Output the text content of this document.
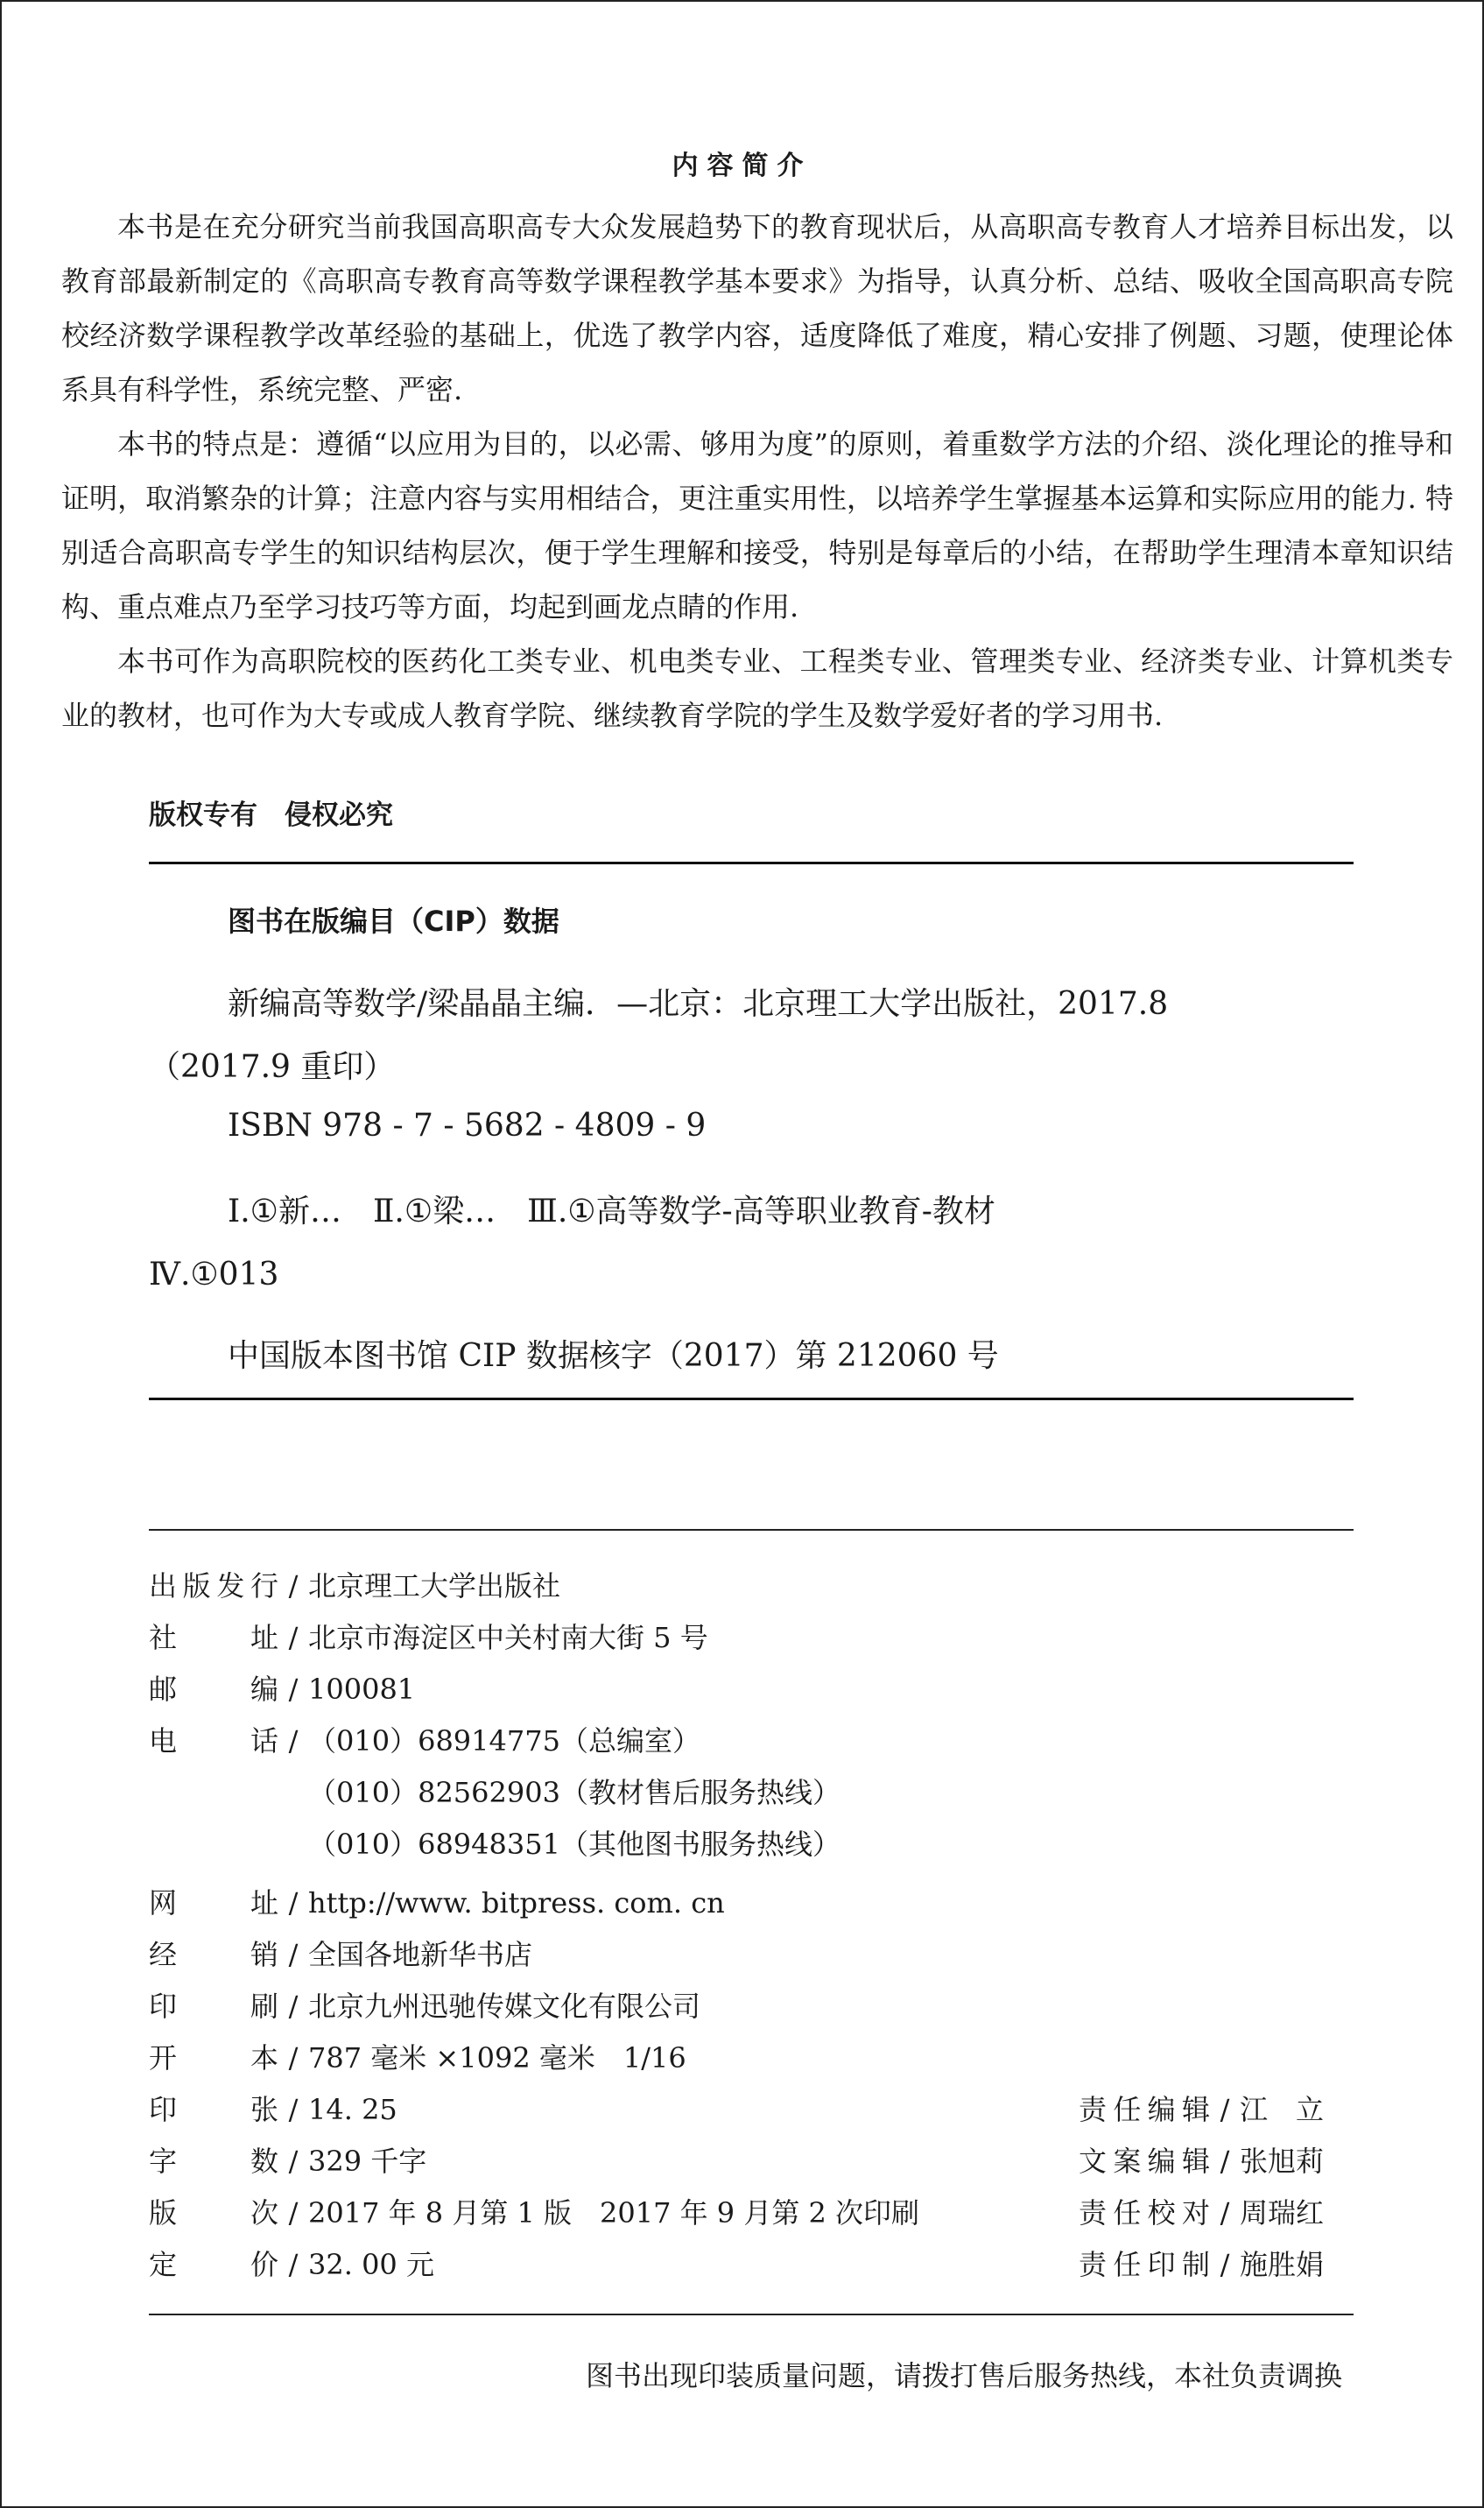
内容简介

本书是在充分研究当前我国高职高专大众发展趋势下的教育现状后，从高职高专教育人才培养目标出发，以教育部最新制定的《高职高专教育高等数学课程教学基本要求》为指导，认真分析、总结、吸收全国高职高专院校经济数学课程教学改革经验的基础上，优选了教学内容，适度降低了难度，精心安排了例题、习题，使理论体系具有科学性，系统完整、严密.

本书的特点是：遵循“以应用为目的，以必需、够用为度”的原则，着重数学方法的介绍、淡化理论的推导和证明，取消繁杂的计算；注意内容与实用相结合，更注重实用性，以培养学生掌握基本运算和实际应用的能力. 特别适合高职高专学生的知识结构层次，便于学生理解和接受，特别是每章后的小结，在帮助学生理清本章知识结构、重点难点乃至学习技巧等方面，均起到画龙点睛的作用.

本书可作为高职院校的医药化工类专业、机电类专业、工程类专业、管理类专业、经济类专业、计算机类专业的教材，也可作为大专或成人教育学院、继续教育学院的学生及数学爱好者的学习用书.

版权专有　侵权必究
图书在版编目（CIP）数据
新编高等数学/梁晶晶主编．—北京：北京理工大学出版社，2017.8
（2017.9 重印）
ISBN 978 - 7 - 5682 - 4809 - 9
Ⅰ.①新…　Ⅱ.①梁…　Ⅲ.①高等数学-高等职业教育-教材
Ⅳ.①013
中国版本图书馆 CIP 数据核字（2017）第 212060 号
出版发行 / 北京理工大学出版社
社址 / 北京市海淀区中关村南大街 5 号
邮编 / 100081
电话 / （010）68914775（总编室）
（010）82562903（教材售后服务热线）
（010）68948351（其他图书服务热线）
网址 / http://www. bitpress. com. cn
经销 / 全国各地新华书店
印刷 / 北京九州迅驰传媒文化有限公司
开本 / 787 毫米 ×1092 毫米　1/16
印张 / 14. 25
字数 / 329 千字
版次 / 2017 年 8 月第 1 版　2017 年 9 月第 2 次印刷
定价 / 32. 00 元
责任编辑 / 江　立
文案编辑 / 张旭莉
责任校对 / 周瑞红
责任印制 / 施胜娟
图书出现印装质量问题，请拨打售后服务热线，本社负责调换
